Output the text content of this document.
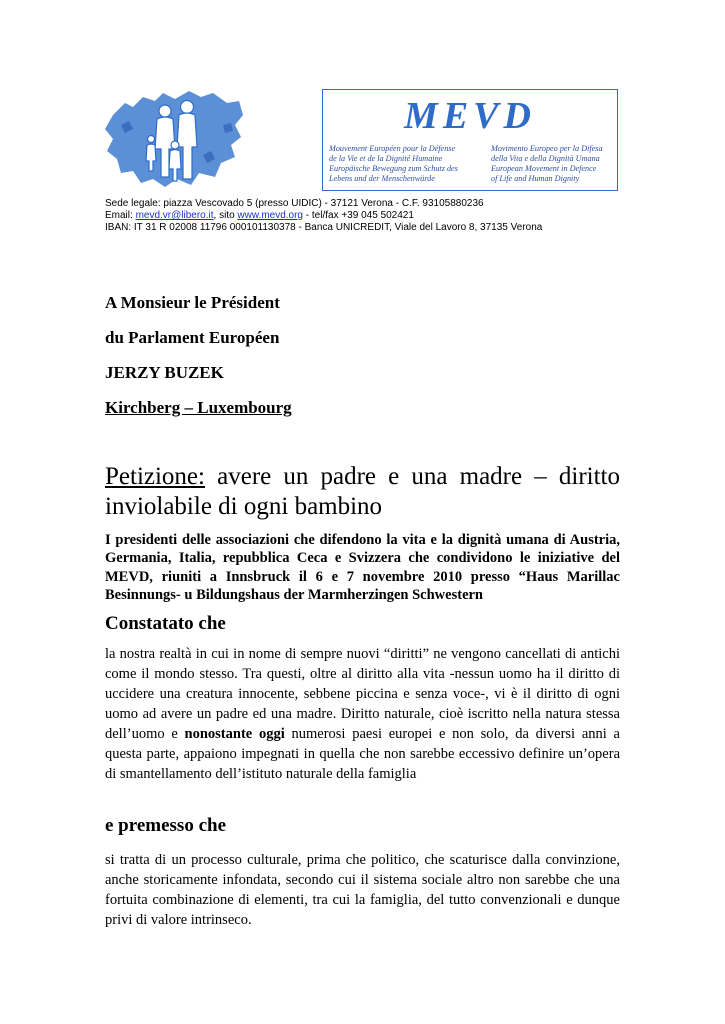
MEVD
Mouvement Européen pour la Défense
de la Vie et de la Dignité Humaine
Europäische Bewegung zum Schutz des
Lebens und der Menschenwürde
Movimento Europeo per la Difesa
della Vita e della Dignità Umana
European Movement in Defence
of Life and Human Dignity
Sede legale: piazza Vescovado 5 (presso UIDIC) - 37121 Verona - C.F. 93105880236
Email: mevd.vr@libero.it, sito www.mevd.org - tel/fax +39 045 502421
IBAN: IT 31 R 02008 11796 000101130378 - Banca UNICREDIT, Viale del Lavoro 8, 37135 Verona
A Monsieur le Président
du Parlament Européen
JERZY BUZEK
Kirchberg – Luxembourg
Petizione: avere un padre e una madre – diritto inviolabile di ogni bambino
I presidenti delle associazioni che difendono la vita e la dignità umana di Austria, Germania, Italia, repubblica Ceca e Svizzera che condividono le iniziative del MEVD, riuniti a Innsbruck il 6 e 7 novembre 2010 presso “Haus Marillac Besinnungs- u Bildungshaus der Marmherzingen Schwestern
Constatato che
la nostra realtà in cui in nome di sempre nuovi “diritti” ne vengono cancellati di antichi come il mondo stesso. Tra questi, oltre al diritto alla vita -nessun uomo ha il diritto di uccidere una creatura innocente, sebbene piccina e senza voce-, vi è il diritto di ogni uomo ad avere un padre ed una madre. Diritto naturale, cioè iscritto nella natura stessa dell’uomo e nonostante oggi numerosi paesi europei e non solo, da diversi anni a questa parte, appaiono impegnati in quella che non sarebbe eccessivo definire un’opera di smantellamento dell’istituto naturale della famiglia
e premesso che
si tratta di un processo culturale, prima che politico, che scaturisce dalla convinzione, anche storicamente infondata, secondo cui il sistema sociale altro non sarebbe che una fortuita combinazione di elementi, tra cui la famiglia, del tutto convenzionali e dunque privi di valore intrinseco.
